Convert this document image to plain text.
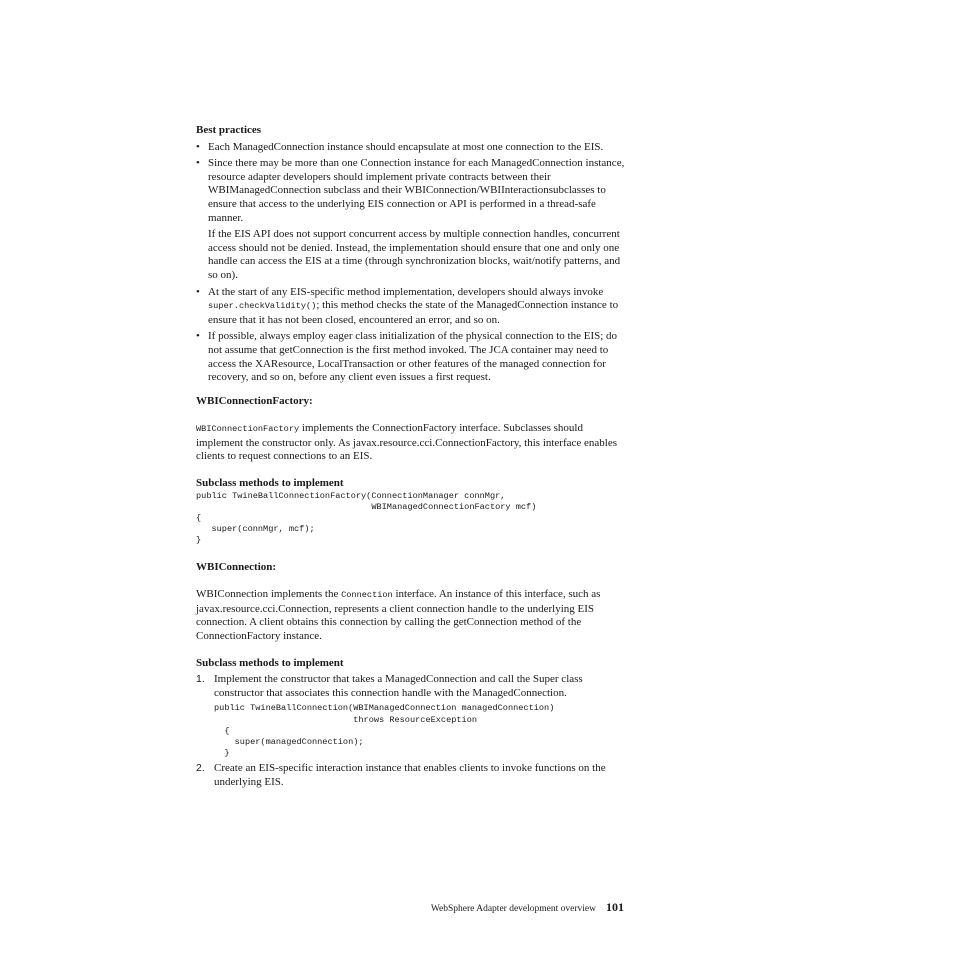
Best practices

• Each ManagedConnection instance should encapsulate at most one connection to the EIS.
• Since there may be more than one Connection instance for each ManagedConnection instance, resource adapter developers should implement private contracts between their WBIManagedConnection subclass and their WBIConnection/WBIInteractionsubclasses to ensure that access to the underlying EIS connection or API is performed in a thread-safe manner.

If the EIS API does not support concurrent access by multiple connection handles, concurrent access should not be denied. Instead, the implementation should ensure that one and only one handle can access the EIS at a time (through synchronization blocks, wait/notify patterns, and so on).

• At the start of any EIS-specific method implementation, developers should always invoke super.checkValidity(); this method checks the state of the ManagedConnection instance to ensure that it has not been closed, encountered an error, and so on.
• If possible, always employ eager class initialization of the physical connection to the EIS; do not assume that getConnection is the first method invoked. The JCA container may need to access the XAResource, LocalTransaction or other features of the managed connection for recovery, and so on, before any client even issues a first request.

WBIConnectionFactory:

WBIConnectionFactory implements the ConnectionFactory interface. Subclasses should implement the constructor only. As javax.resource.cci.ConnectionFactory, this interface enables clients to request connections to an EIS.

Subclass methods to implement

public TwineBallConnectionFactory(ConnectionManager connMgr,
WBIManagedConnectionFactory mcf)
{
super(connMgr, mcf);
}

WBIConnection:

WBIConnection implements the Connection interface. An instance of this interface, such as javax.resource.cci.Connection, represents a client connection handle to the underlying EIS connection. A client obtains this connection by calling the getConnection method of the ConnectionFactory instance.

Subclass methods to implement

1. Implement the constructor that takes a ManagedConnection and call the Super class constructor that associates this connection handle with the ManagedConnection.
public TwineBallConnection(WBIManagedConnection managedConnection)
throws ResourceException
{
super(managedConnection);
}
2. Create an EIS-specific interaction instance that enables clients to invoke functions on the underlying EIS.
WebSphere Adapter development overview 101
